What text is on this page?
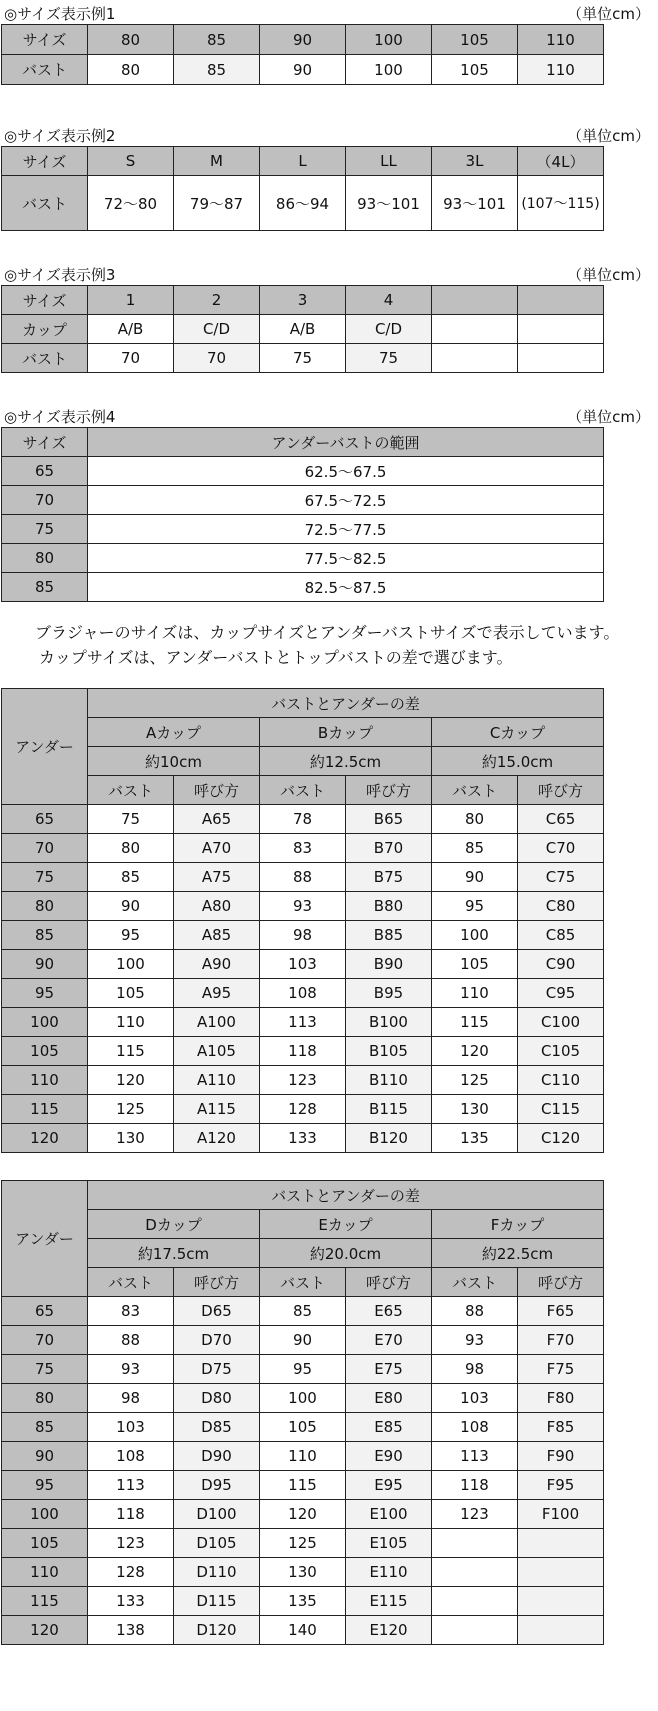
◎サイズ表示例1	（単位cm）
サイズ	80	85	90	100	105	110
バスト	80	85	90	100	105	110
◎サイズ表示例2	（単位cm）
サイズ	S	M	L	LL	3L	（4L）
バスト	72～80	79～87	86～94	93～101	93～101	(107～115)
◎サイズ表示例3	（単位cm）
サイズ	1	2	3	4		
カップ	A/B	C/D	A/B	C/D		
バスト	70	70	75	75		
◎サイズ表示例4	（単位cm）
サイズ	アンダーバストの範囲
65	62.5～67.5
70	67.5～72.5
75	72.5～77.5
80	77.5～82.5
85	82.5～87.5

ブラジャーのサイズは、カップサイズとアンダーバストサイズで表示しています。

カップサイズは、アンダーバストとトップバストの差で選びます。

アンダー	バストとアンダーの差					
	Aカップ		Bカップ		Cカップ	
	約10cm		約12.5cm		約15.0cm	
	バスト	呼び方	バスト	呼び方	バスト	呼び方
65	75	A65	78	B65	80	C65
70	80	A70	83	B70	85	C70
75	85	A75	88	B75	90	C75
80	90	A80	93	B80	95	C80
85	95	A85	98	B85	100	C85
90	100	A90	103	B90	105	C90
95	105	A95	108	B95	110	C95
100	110	A100	113	B100	115	C100
105	115	A105	118	B105	120	C105
110	120	A110	123	B110	125	C110
115	125	A115	128	B115	130	C115
120	130	A120	133	B120	135	C120
アンダー	バストとアンダーの差					
	Dカップ		Eカップ		Fカップ	
	約17.5cm		約20.0cm		約22.5cm	
	バスト	呼び方	バスト	呼び方	バスト	呼び方
65	83	D65	85	E65	88	F65
70	88	D70	90	E70	93	F70
75	93	D75	95	E75	98	F75
80	98	D80	100	E80	103	F80
85	103	D85	105	E85	108	F85
90	108	D90	110	E90	113	F90
95	113	D95	115	E95	118	F95
100	118	D100	120	E100	123	F100
105	123	D105	125	E105		
110	128	D110	130	E110		
115	133	D115	135	E115		
120	138	D120	140	E120		
